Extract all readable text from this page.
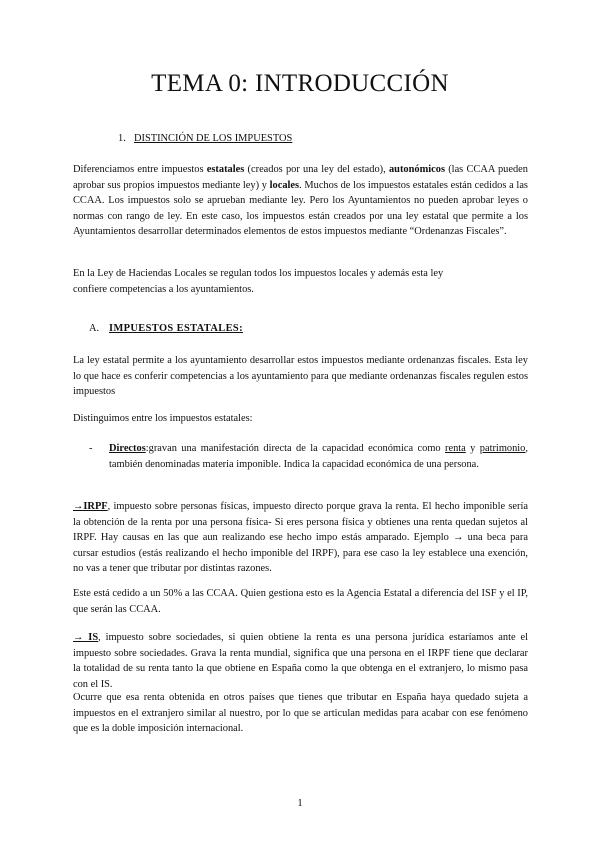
TEMA 0: INTRODUCCIÓN
1. DISTINCIÓN DE LOS IMPUESTOS

Diferenciamos entre impuestos estatales (creados por una ley del estado), autonómicos (las CCAA pueden aprobar sus propios impuestos mediante ley) y locales. Muchos de los impuestos estatales están cedidos a las CCAA. Los impuestos solo se aprueban mediante ley. Pero los Ayuntamientos no pueden aprobar leyes o normas con rango de ley. En este caso, los impuestos están creados por una ley estatal que permite a los Ayuntamientos desarrollar determinados elementos de estos impuestos mediante “Ordenanzas Fiscales”.

En la Ley de Haciendas Locales se regulan todos los impuestos locales y además esta ley confiere competencias a los ayuntamientos.

A. IMPUESTOS ESTATALES:

La ley estatal permite a los ayuntamiento desarrollar estos impuestos mediante ordenanzas fiscales. Esta ley lo que hace es conferir competencias a los ayuntamiento para que mediante ordenanzas fiscales regulen estos impuestos

Distinguimos entre los impuestos estatales:

- Directos:gravan una manifestación directa de la capacidad económica como renta y patrimonio, también denominadas materia imponible. Indica la capacidad económica de una persona.

→IRPF, impuesto sobre personas físicas, impuesto directo porque grava la renta. El hecho imponible sería la obtención de la renta por una persona física- Si eres persona física y obtienes una renta quedan sujetos al IRPF. Hay causas en las que aun realizando ese hecho impo estás amparado. Ejemplo → una beca para cursar estudios (estás realizando el hecho imponible del IRPF), para ese caso la ley establece una exención, no vas a tener que tributar por distintas razones.

Este está cedido a un 50% a las CCAA. Quien gestiona esto es la Agencia Estatal a diferencia del ISF y el IP, que serán las CCAA.

→ IS, impuesto sobre sociedades, si quien obtiene la renta es una persona jurídica estaríamos ante el impuesto sobre sociedades. Grava la renta mundial, significa que una persona en el IRPF tiene que declarar la totalidad de su renta tanto la que obtiene en España como la que obtenga en el extranjero, lo mismo pasa con el IS.

Ocurre que esa renta obtenida en otros países que tienes que tributar en España haya quedado sujeta a impuestos en el extranjero similar al nuestro, por lo que se articulan medidas para acabar con ese fenómeno que es la doble imposición internacional.

1
